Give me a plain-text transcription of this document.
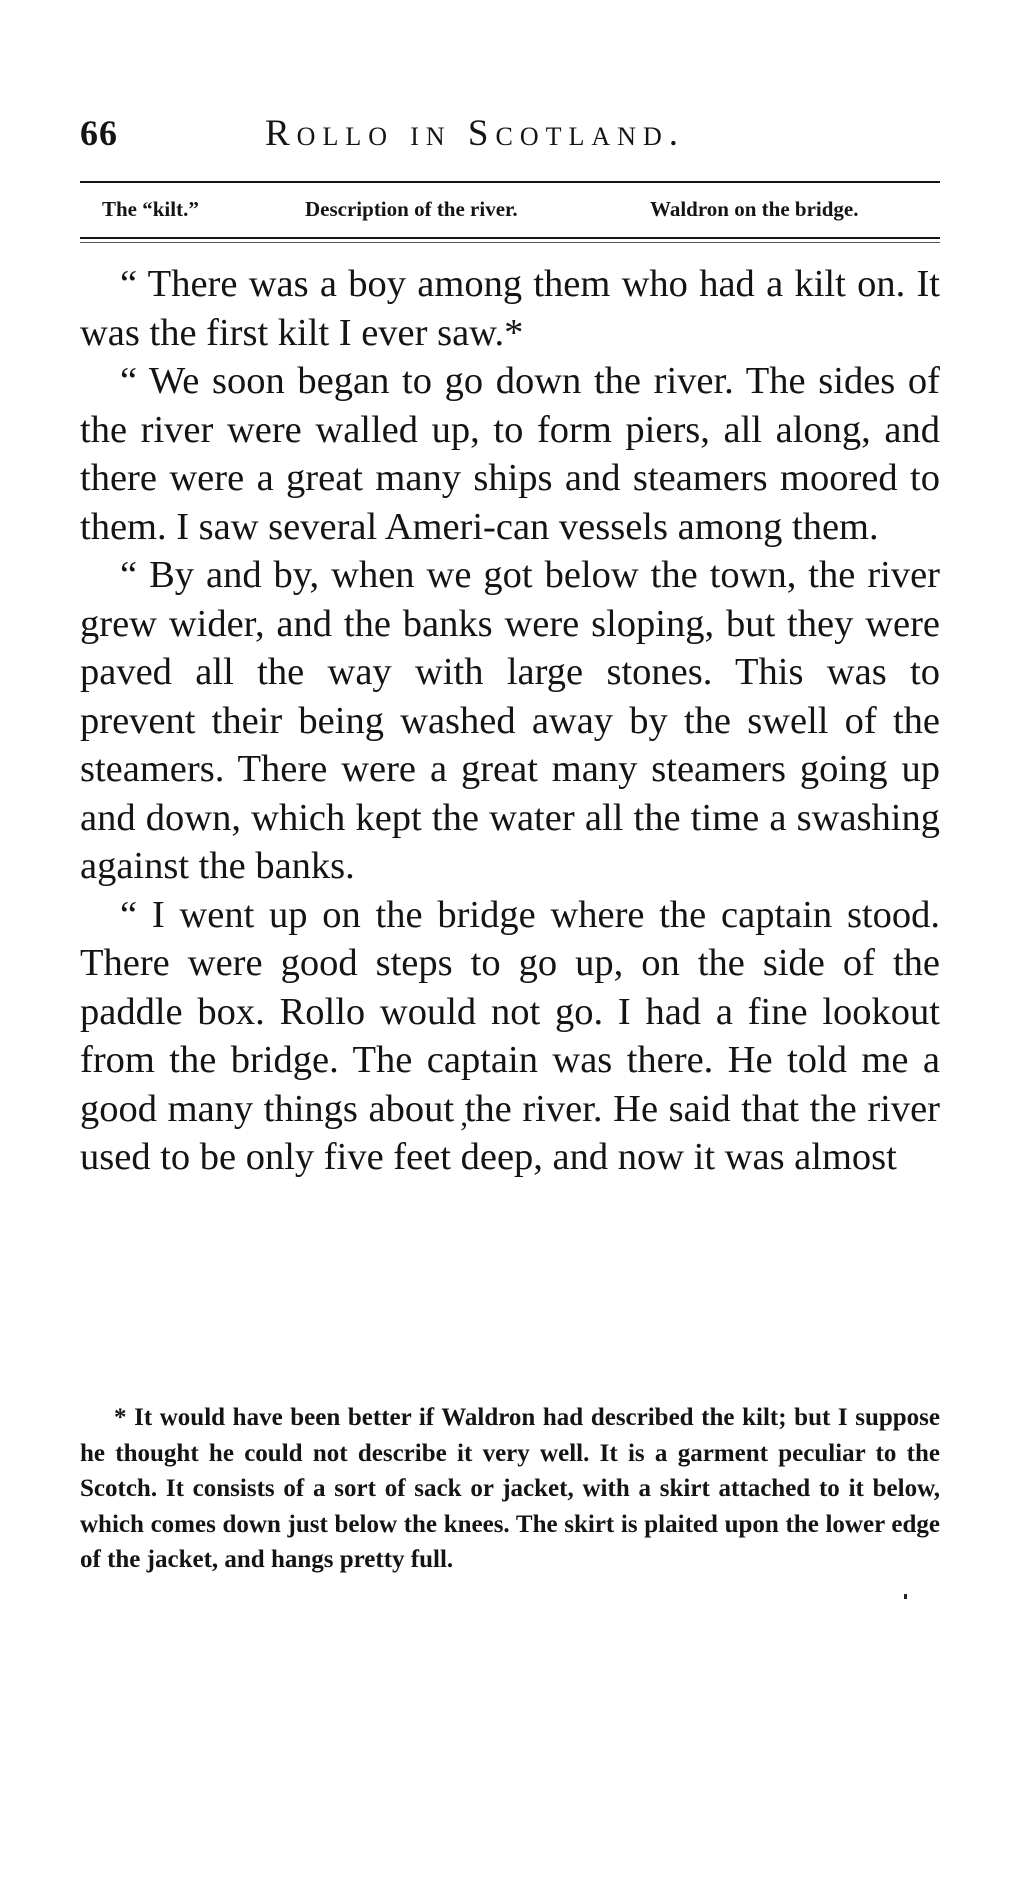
66	Rollo in Scotland.
The “kilt.”	Description of the river.	Waldron on the bridge.

“ There was a boy among them who had a kilt on. It was the first kilt I ever saw.*

“ We soon began to go down the river. The sides of the river were walled up, to form piers, all along, and there were a great many ships and steamers moored to them. I saw several Ameri-can vessels among them.

“ By and by, when we got below the town, the river grew wider, and the banks were sloping, but they were paved all the way with large stones. This was to prevent their being washed away by the swell of the steamers. There were a great many steamers going up and down, which kept the water all the time a swashing against the banks.

“ I went up on the bridge where the captain stood. There were good steps to go up, on the side of the paddle box. Rollo would not go. I had a fine lookout from the bridge. The captain was there. He told me a good many things about ̦the river. He said that the river used to be only five feet deep, and now it was almost

* It would have been better if Waldron had described the kilt; but I suppose he thought he could not describe it very well. It is a garment peculiar to the Scotch. It consists of a sort of sack or jacket, with a skirt attached to it below, which comes down just below the knees. The skirt is plaited upon the lower edge of the jacket, and hangs pretty full.
